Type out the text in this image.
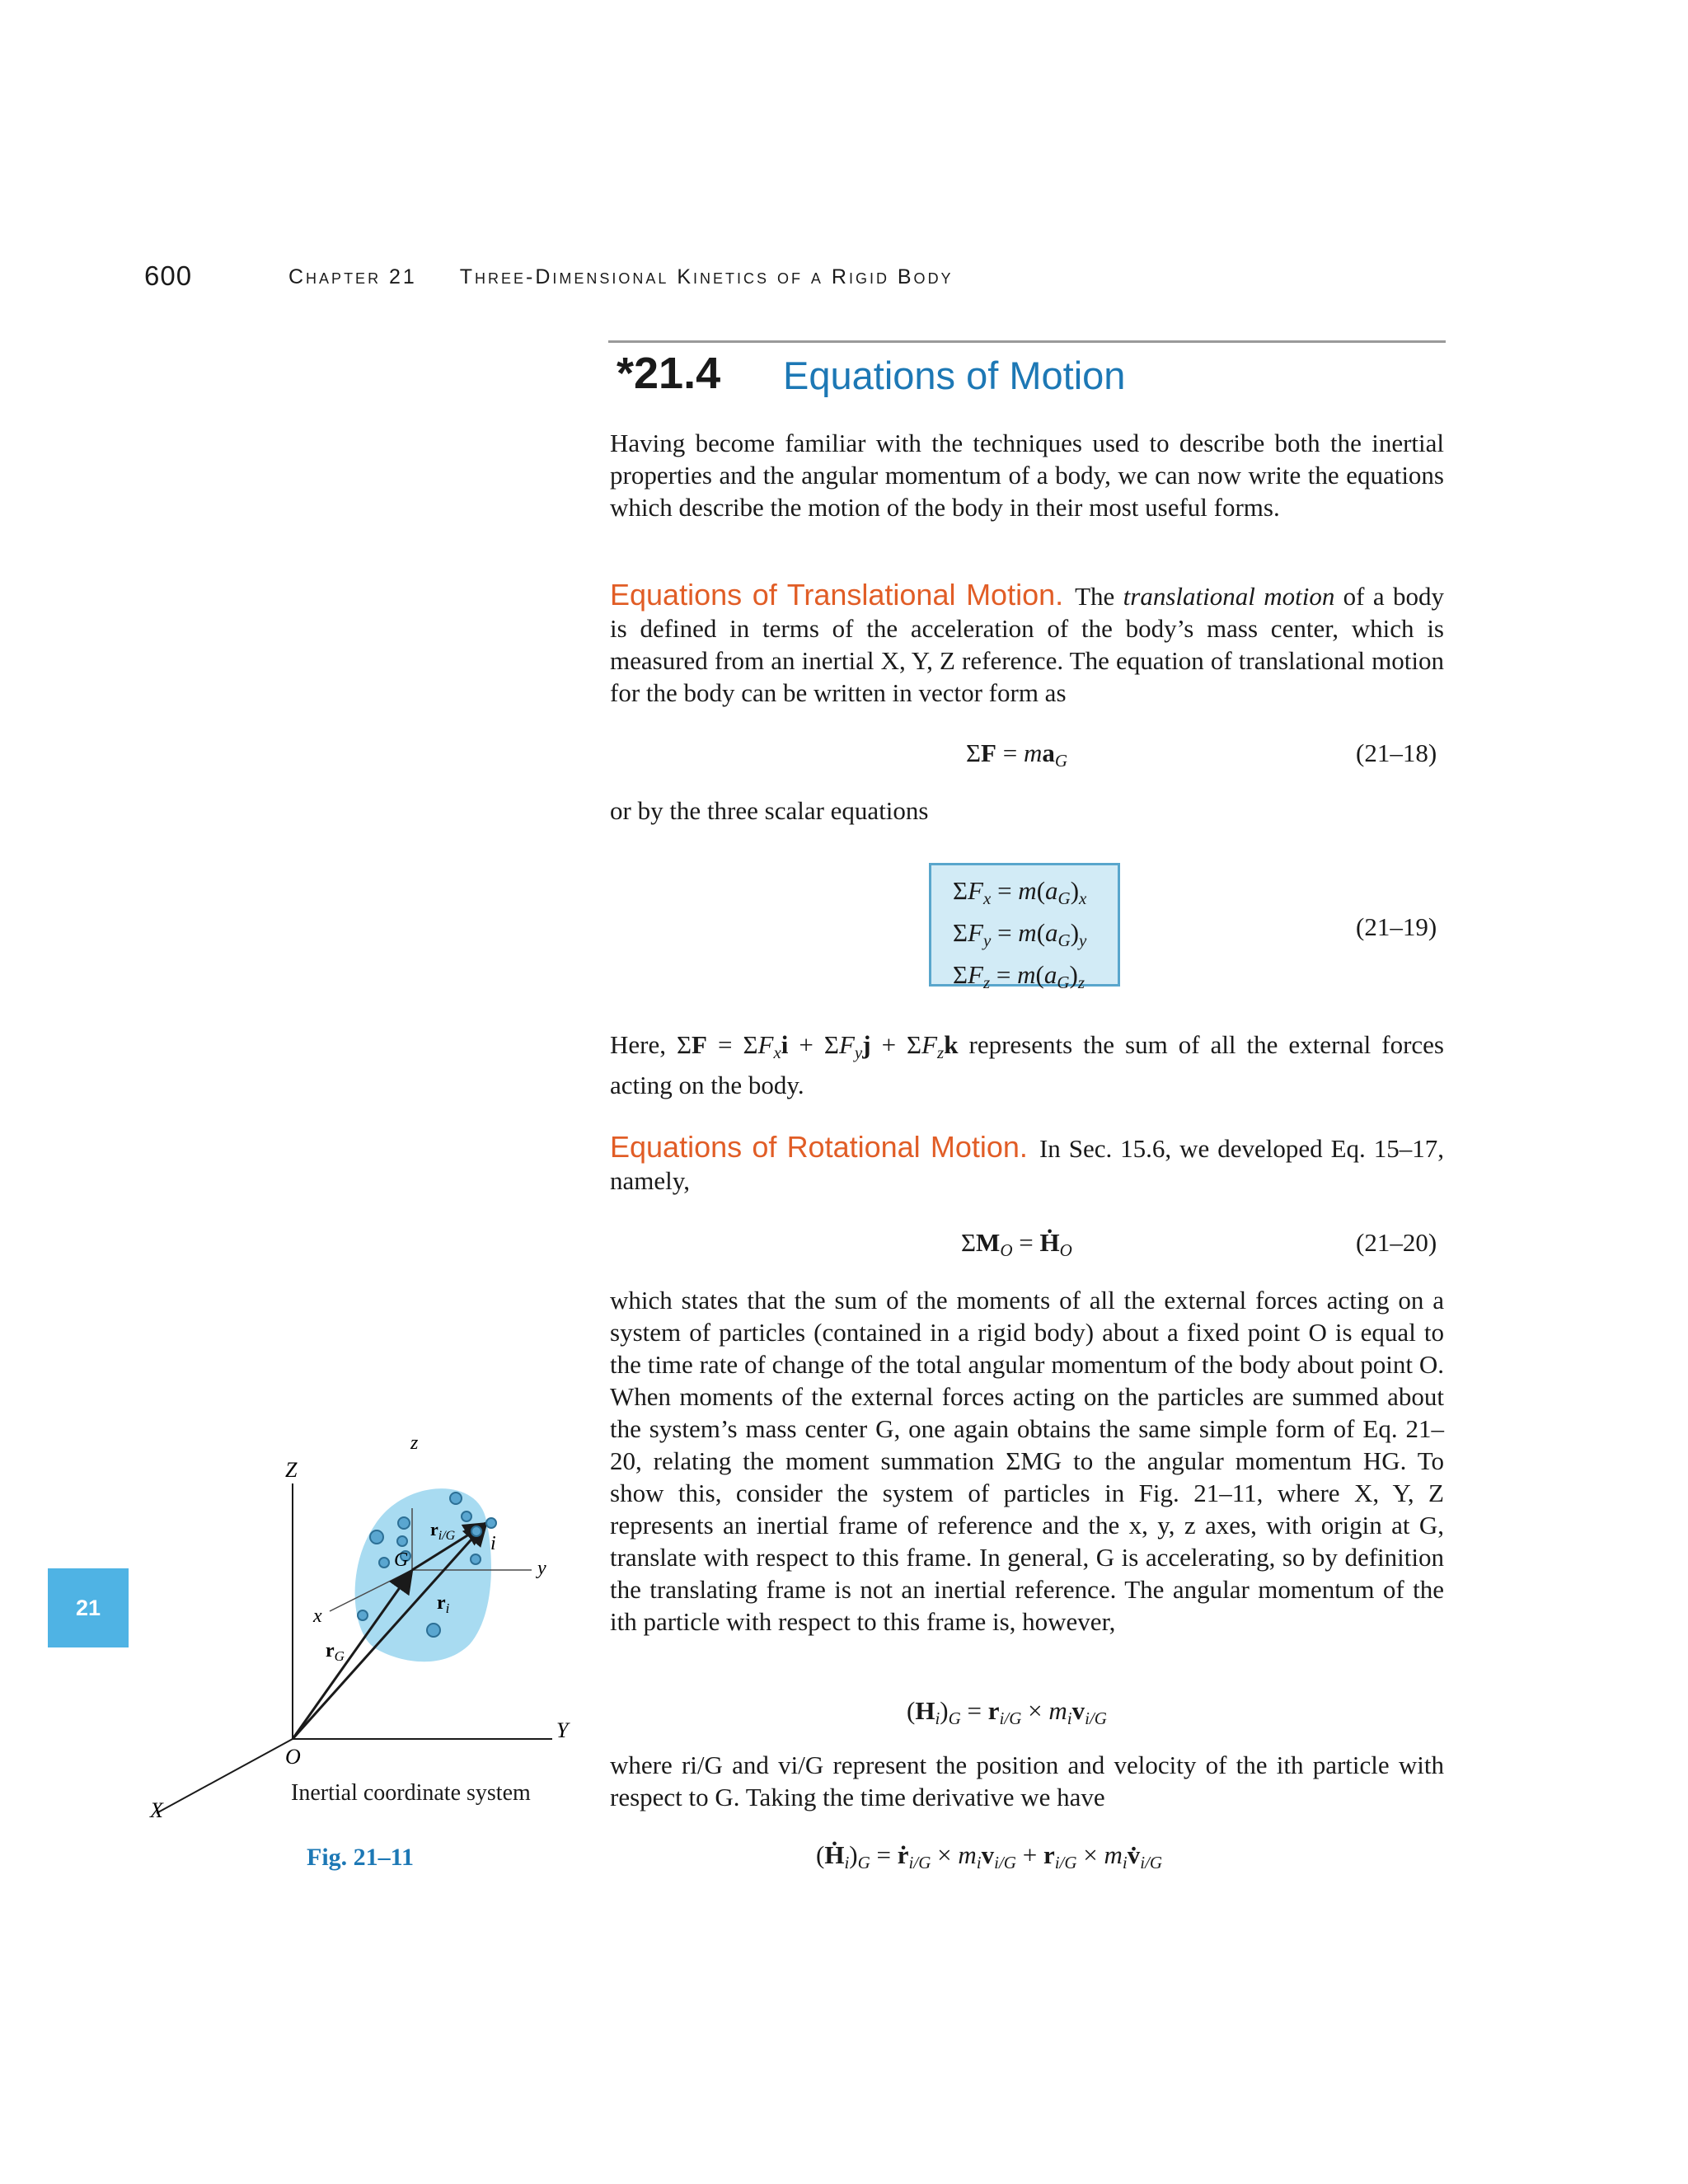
600	Chapter 21 Three-Dimensional Kinetics of a Rigid Body
*21.4 Equations of Motion

Having become familiar with the techniques used to describe both the inertial properties and the angular momentum of a body, we can now write the equations which describe the motion of the body in their most useful forms.

Equations of Translational Motion. The translational motion of a body is defined in terms of the acceleration of the body’s mass center, which is measured from an inertial X, Y, Z reference. The equation of translational motion for the body can be written in vector form as

$\Sigma F = ma_G$	(21–18)

or by the three scalar equations

$\Sigma F_x = m(a_G)_x$
$\Sigma F_y = m(a_G)_y$
$\Sigma F_z = m(a_G)_z$
(21–19)

Here, $\Sigma F = \Sigma F_xi + \Sigma F_yj + \Sigma F_zk$ represents the sum of all the external forces acting on the body.

Equations of Rotational Motion. In Sec. 15.6, we developed Eq. 15–17, namely,

$\Sigma M_O$ = Ḣ$_O$	(21–20)

which states that the sum of the moments of all the external forces acting on a system of particles (contained in a rigid body) about a fixed point O is equal to the time rate of change of the total angular momentum of the body about point O. When moments of the external forces acting on the particles are summed about the system’s mass center G, one again obtains the same simple form of Eq. 21–20, relating the moment summation ΣMG to the angular momentum HG. To show this, consider the system of particles in Fig. 21–11, where X, Y, Z represents an inertial frame of reference and the x, y, z axes, with origin at G, translate with respect to this frame. In general, G is accelerating, so by definition the translating frame is not an inertial reference. The angular momentum of the ith particle with respect to this frame is, however,

$(H_i)_G = r_{i/G} \times m_iv_{i/G}$

where ri/G and vi/G represent the position and velocity of the ith particle with respect to G. Taking the time derivative we have

$(Ḣ_i)_G$ = ṙ$_{i/G}$ × $m_iv_{i/G} + r_{i/G}$ × $m_iv̇_{i/G}$
21
Z
Y
X
O
z
y
x
G
i
$r_G$
$r_i$
$r_{i/G}$
Inertial coordinate system
Fig. 21–11
